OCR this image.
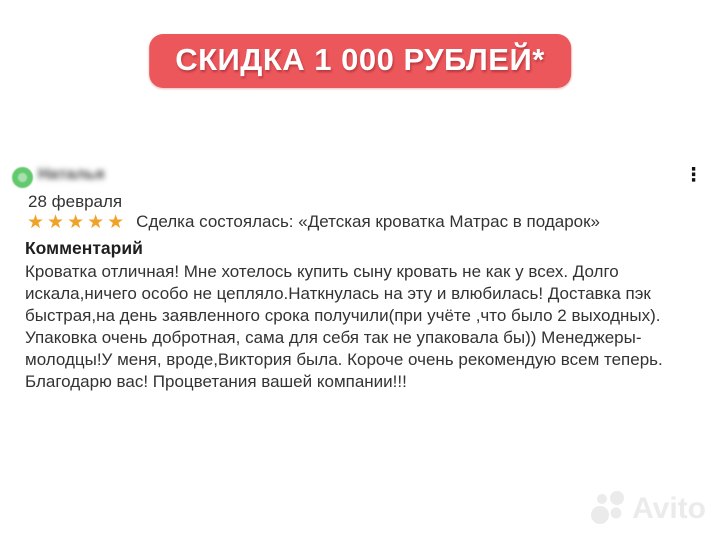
СКИДКА 1 000 РУБЛЕЙ*
Наталья	⋮
28 февраля
★★★★★ Сделка состоялась: «Детская кроватка Матрас в подарок»
Комментарий
Кроватка отличная! Мне хотелось купить сыну кровать не как у всех. Долго искала,ничего особо не цепляло.Наткнулась на эту и влюбилась! Доставка пэк быстрая,на день заявленного срока получили(при учёте ,что было 2 выходных). Упаковка очень добротная, сама для себя так не упаковала бы)) Менеджеры- молодцы!У меня, вроде,Виктория была. Короче очень рекомендую всем теперь. Благодарю вас! Процветания вашей компании!!!
Avito
